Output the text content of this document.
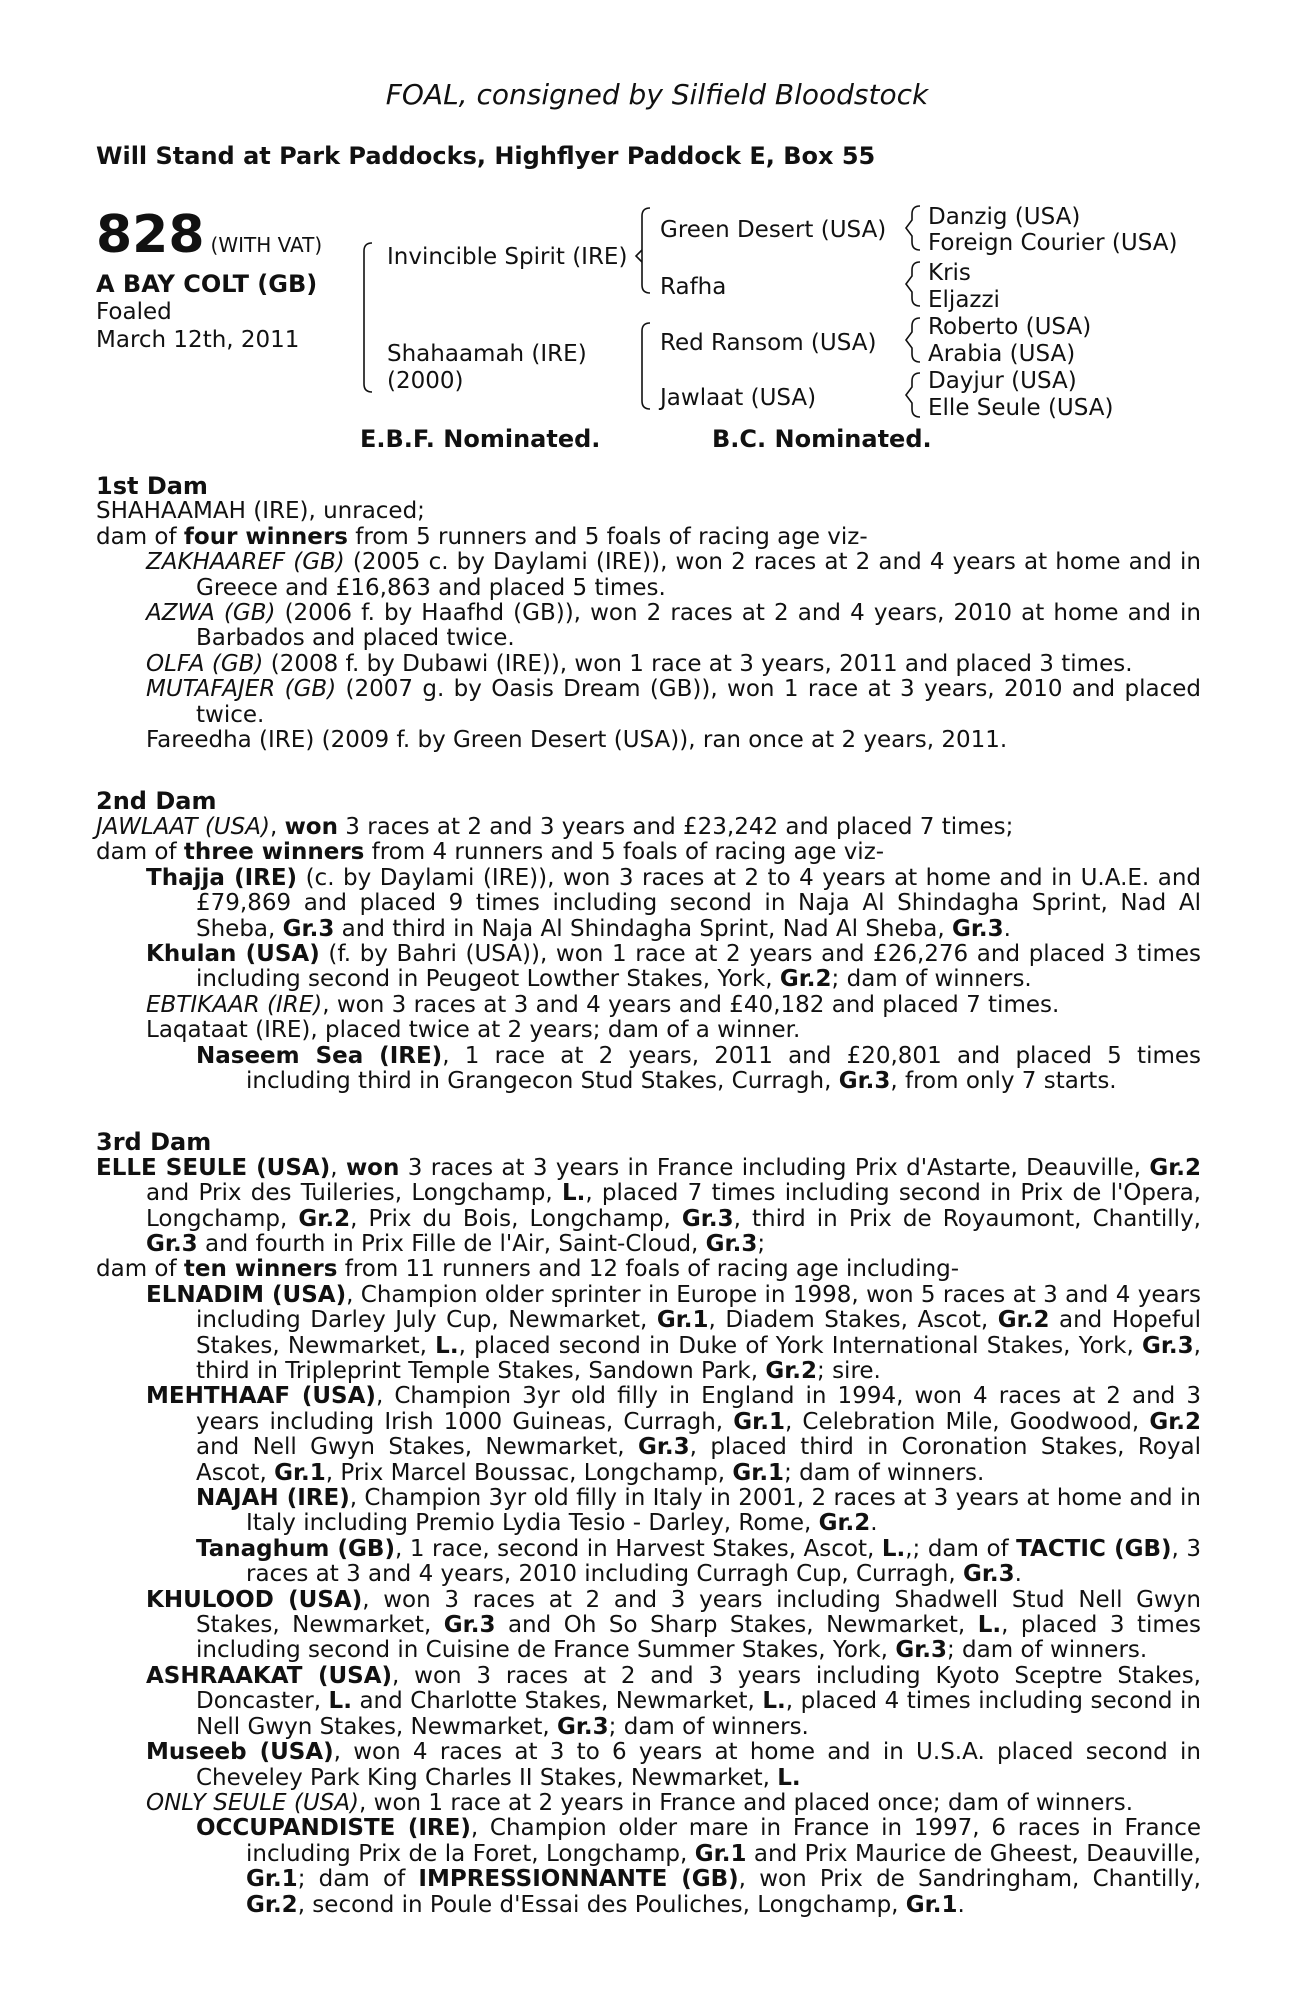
FOAL, consigned by Silfield Bloodstock
Will Stand at Park Paddocks, Highflyer Paddock E, Box 55
828 (WITH VAT)
A BAY COLT (GB)
Foaled
March 12th, 2011
Invincible Spirit (IRE)
Shahaamah (IRE)
(2000)
Green Desert (USA)
Rafha
Red Ransom (USA)
Jawlaat (USA)
Danzig (USA)
Foreign Courier (USA)
Kris
Eljazzi
Roberto (USA)
Arabia (USA)
Dayjur (USA)
Elle Seule (USA)
E.B.F. Nominated.	B.C. Nominated.
1st Dam

SHAHAAMAH (IRE), unraced;

dam of four winners from 5 runners and 5 foals of racing age viz-

ZAKHAAREF (GB) (2005 c. by Daylami (IRE)), won 2 races at 2 and 4 years at home and in Greece and £16,863 and placed 5 times.

AZWA (GB) (2006 f. by Haafhd (GB)), won 2 races at 2 and 4 years, 2010 at home and in Barbados and placed twice.

OLFA (GB) (2008 f. by Dubawi (IRE)), won 1 race at 3 years, 2011 and placed 3 times.

MUTAFAJER (GB) (2007 g. by Oasis Dream (GB)), won 1 race at 3 years, 2010 and placed twice.

Fareedha (IRE) (2009 f. by Green Desert (USA)), ran once at 2 years, 2011.

2nd Dam

JAWLAAT (USA), won 3 races at 2 and 3 years and £23,242 and placed 7 times;

dam of three winners from 4 runners and 5 foals of racing age viz-

Thajja (IRE) (c. by Daylami (IRE)), won 3 races at 2 to 4 years at home and in U.A.E. and £79,869 and placed 9 times including second in Naja Al Shindagha Sprint, Nad Al Sheba, Gr.3 and third in Naja Al Shindagha Sprint, Nad Al Sheba, Gr.3.

Khulan (USA) (f. by Bahri (USA)), won 1 race at 2 years and £26,276 and placed 3 times including second in Peugeot Lowther Stakes, York, Gr.2; dam of winners.

EBTIKAAR (IRE), won 3 races at 3 and 4 years and £40,182 and placed 7 times.

Laqataat (IRE), placed twice at 2 years; dam of a winner.

Naseem Sea (IRE), 1 race at 2 years, 2011 and £20,801 and placed 5 times including third in Grangecon Stud Stakes, Curragh, Gr.3, from only 7 starts.

3rd Dam

ELLE SEULE (USA), won 3 races at 3 years in France including Prix d'Astarte, Deauville, Gr.2 and Prix des Tuileries, Longchamp, L., placed 7 times including second in Prix de l'Opera, Longchamp, Gr.2, Prix du Bois, Longchamp, Gr.3, third in Prix de Royaumont, Chantilly, Gr.3 and fourth in Prix Fille de l'Air, Saint-Cloud, Gr.3;

dam of ten winners from 11 runners and 12 foals of racing age including-

ELNADIM (USA), Champion older sprinter in Europe in 1998, won 5 races at 3 and 4 years including Darley July Cup, Newmarket, Gr.1, Diadem Stakes, Ascot, Gr.2 and Hopeful Stakes, Newmarket, L., placed second in Duke of York International Stakes, York, Gr.3, third in Tripleprint Temple Stakes, Sandown Park, Gr.2; sire.

MEHTHAAF (USA), Champion 3yr old filly in England in 1994, won 4 races at 2 and 3 years including Irish 1000 Guineas, Curragh, Gr.1, Celebration Mile, Goodwood, Gr.2 and Nell Gwyn Stakes, Newmarket, Gr.3, placed third in Coronation Stakes, Royal Ascot, Gr.1, Prix Marcel Boussac, Longchamp, Gr.1; dam of winners.

NAJAH (IRE), Champion 3yr old filly in Italy in 2001, 2 races at 3 years at home and in Italy including Premio Lydia Tesio - Darley, Rome, Gr.2.

Tanaghum (GB), 1 race, second in Harvest Stakes, Ascot, L.,; dam of TACTIC (GB), 3 races at 3 and 4 years, 2010 including Curragh Cup, Curragh, Gr.3.

KHULOOD (USA), won 3 races at 2 and 3 years including Shadwell Stud Nell Gwyn Stakes, Newmarket, Gr.3 and Oh So Sharp Stakes, Newmarket, L., placed 3 times including second in Cuisine de France Summer Stakes, York, Gr.3; dam of winners.

ASHRAAKAT (USA), won 3 races at 2 and 3 years including Kyoto Sceptre Stakes, Doncaster, L. and Charlotte Stakes, Newmarket, L., placed 4 times including second in Nell Gwyn Stakes, Newmarket, Gr.3; dam of winners.

Museeb (USA), won 4 races at 3 to 6 years at home and in U.S.A. placed second in Cheveley Park King Charles II Stakes, Newmarket, L.

ONLY SEULE (USA), won 1 race at 2 years in France and placed once; dam of winners.

OCCUPANDISTE (IRE), Champion older mare in France in 1997, 6 races in France including Prix de la Foret, Longchamp, Gr.1 and Prix Maurice de Gheest, Deauville, Gr.1; dam of IMPRESSIONNANTE (GB), won Prix de Sandringham, Chantilly, Gr.2, second in Poule d'Essai des Pouliches, Longchamp, Gr.1.
